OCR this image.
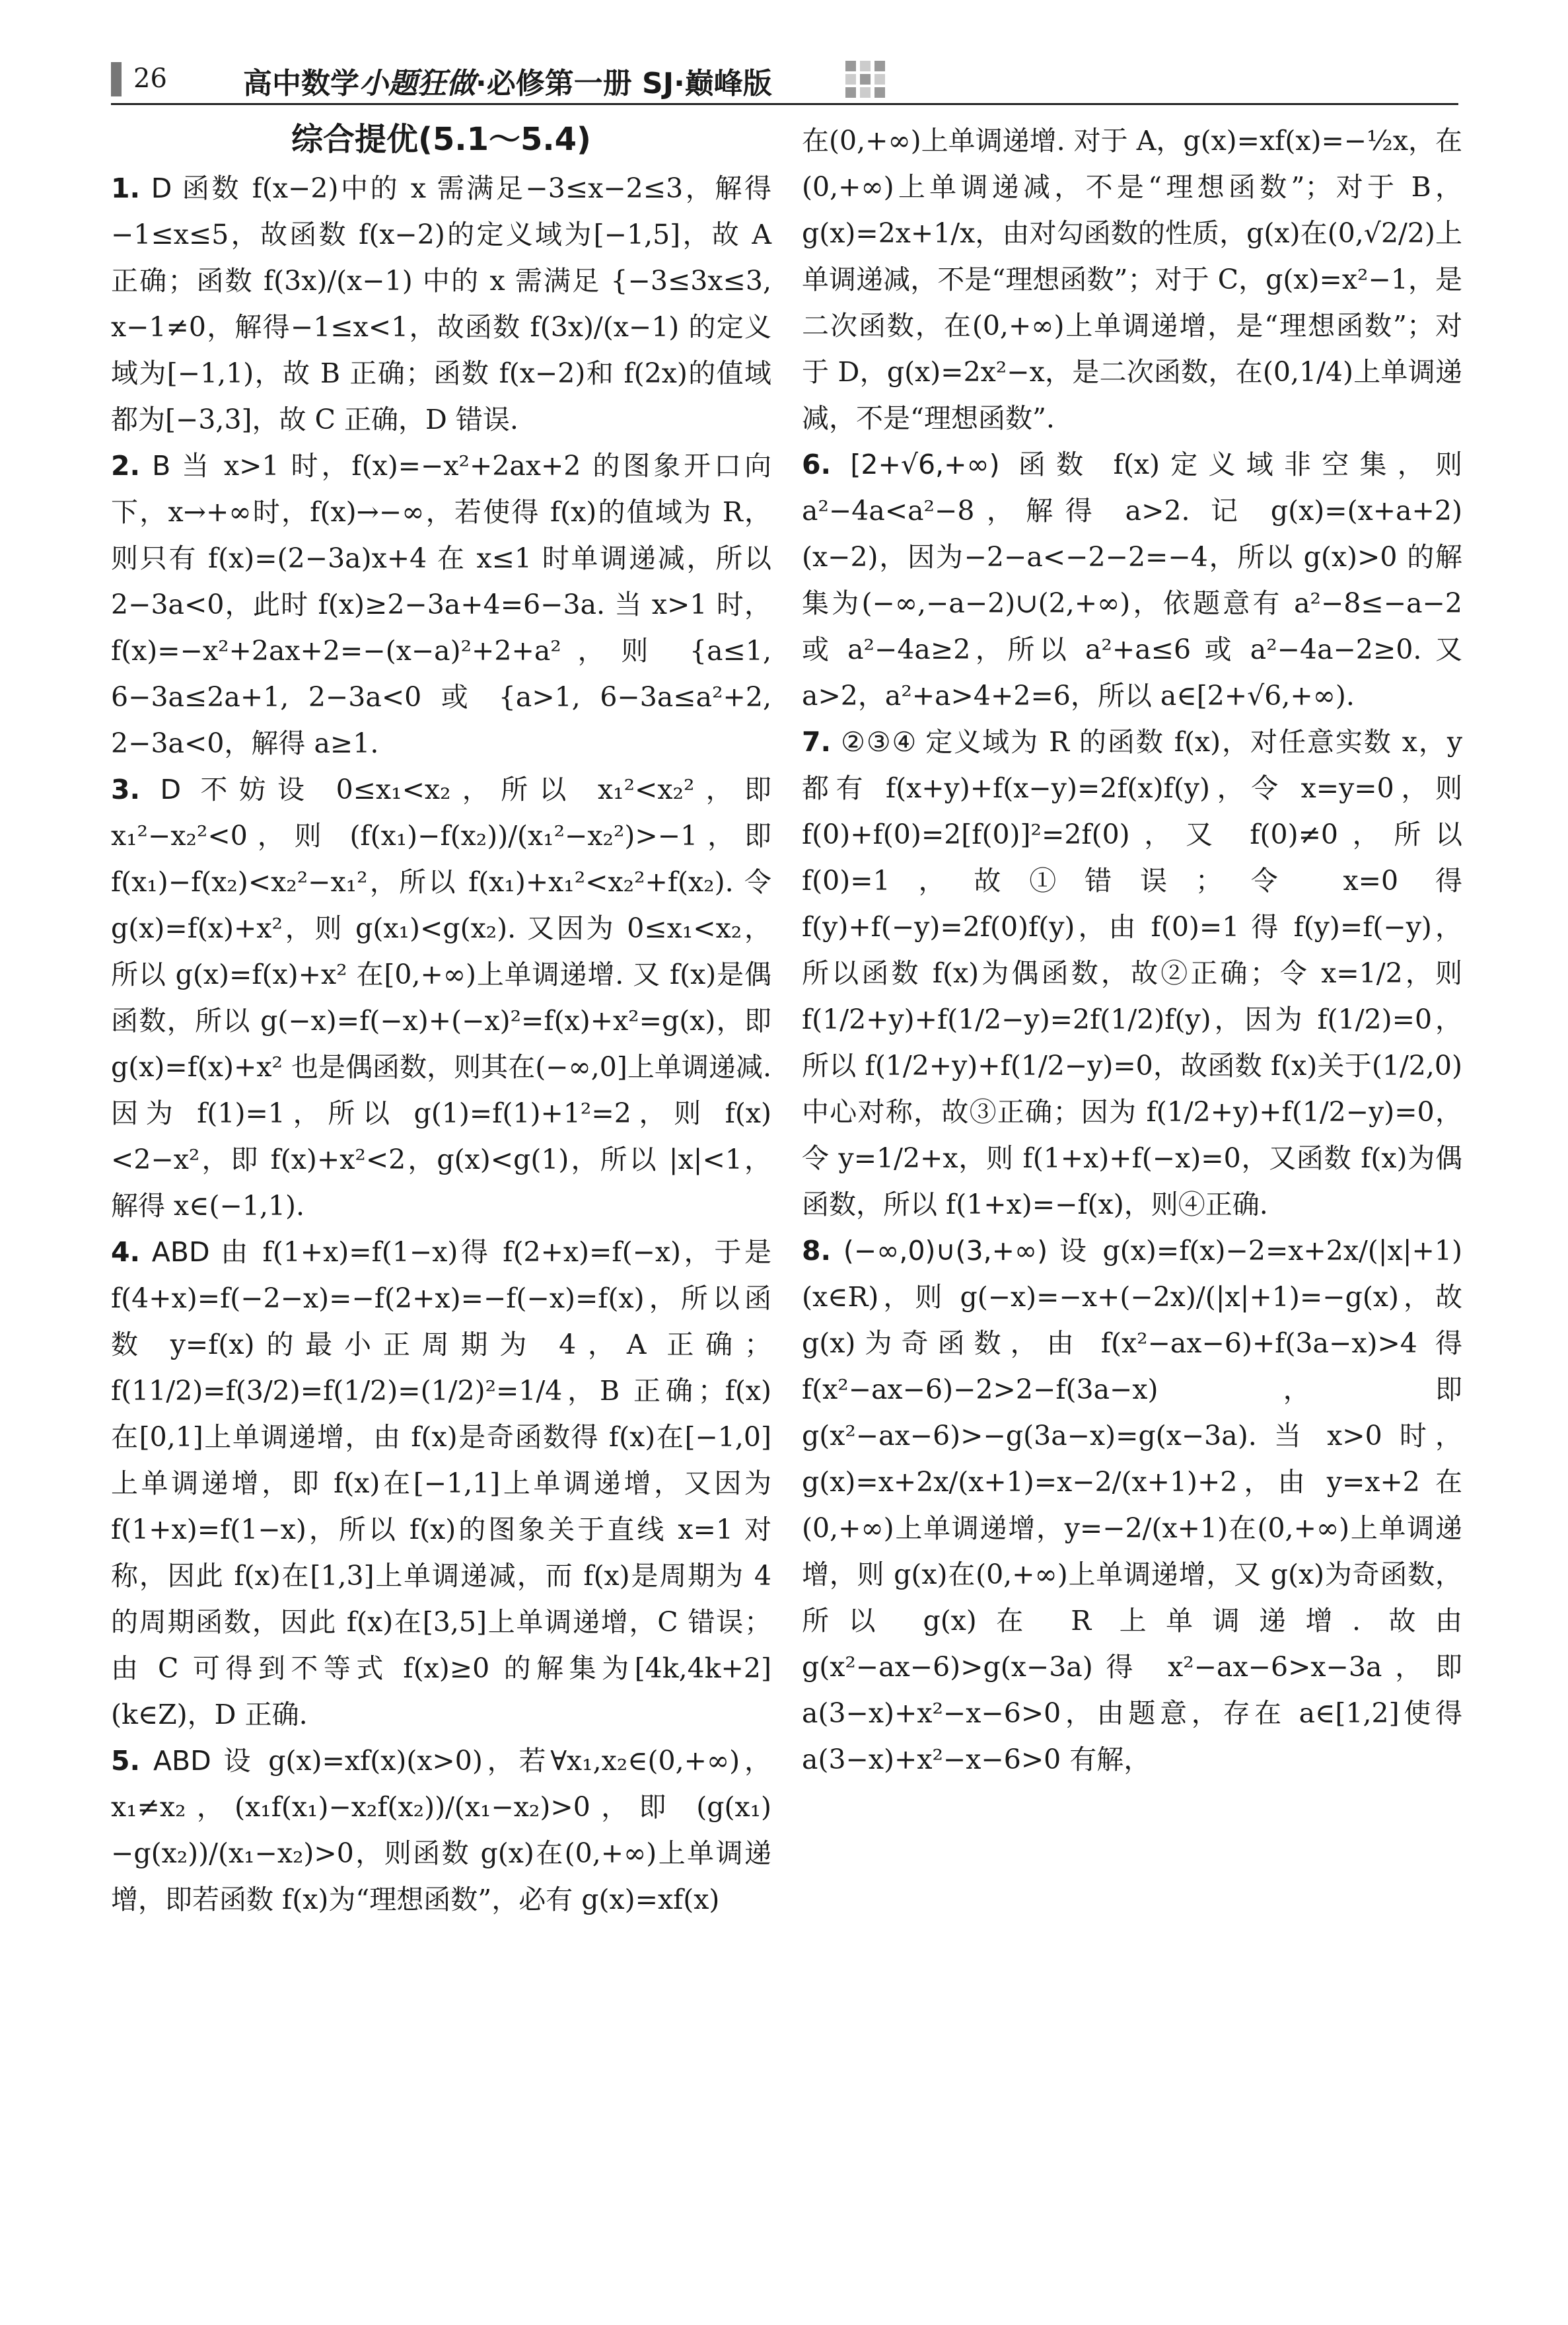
26	高中数学小题狂做·必修第一册 SJ·巅峰版
综合提优(5.1～5.4)

1. D 函数 f(x−2)中的 x 需满足−3≤x−2≤3，解得−1≤x≤5，故函数 f(x−2)的定义域为[−1,5]，故 A 正确；函数 f(3x)/(x−1) 中的 x 需满足 {−3≤3x≤3, x−1≠0，解得−1≤x<1，故函数 f(3x)/(x−1) 的定义域为[−1,1)，故 B 正确；函数 f(x−2)和 f(2x)的值域都为[−3,3]，故 C 正确，D 错误.

2. B 当 x>1 时，f(x)=−x²+2ax+2 的图象开口向下，x→+∞时，f(x)→−∞，若使得 f(x)的值域为 R，则只有 f(x)=(2−3a)x+4 在 x≤1 时单调递减，所以 2−3a<0，此时 f(x)≥2−3a+4=6−3a. 当 x>1 时，f(x)=−x²+2ax+2=−(x−a)²+2+a²，则 {a≤1, 6−3a≤2a+1, 2−3a<0 或 {a>1, 6−3a≤a²+2, 2−3a<0，解得 a≥1.

3. D 不妨设 0≤x₁<x₂，所以 x₁²<x₂²，即 x₁²−x₂²<0，则 (f(x₁)−f(x₂))/(x₁²−x₂²)>−1，即 f(x₁)−f(x₂)<x₂²−x₁²，所以 f(x₁)+x₁²<x₂²+f(x₂). 令 g(x)=f(x)+x²，则 g(x₁)<g(x₂). 又因为 0≤x₁<x₂，所以 g(x)=f(x)+x² 在[0,+∞)上单调递增. 又 f(x)是偶函数，所以 g(−x)=f(−x)+(−x)²=f(x)+x²=g(x)，即 g(x)=f(x)+x² 也是偶函数，则其在(−∞,0]上单调递减. 因为 f(1)=1，所以 g(1)=f(1)+1²=2，则 f(x)<2−x²，即 f(x)+x²<2，g(x)<g(1)，所以 |x|<1，解得 x∈(−1,1).

4. ABD 由 f(1+x)=f(1−x)得 f(2+x)=f(−x)，于是 f(4+x)=f(−2−x)=−f(2+x)=−f(−x)=f(x)，所以函数 y=f(x)的最小正周期为 4，A 正确；f(11/2)=f(3/2)=f(1/2)=(1/2)²=1/4，B 正确；f(x)在[0,1]上单调递增，由 f(x)是奇函数得 f(x)在[−1,0]上单调递增，即 f(x)在[−1,1]上单调递增，又因为 f(1+x)=f(1−x)，所以 f(x)的图象关于直线 x=1 对称，因此 f(x)在[1,3]上单调递减，而 f(x)是周期为 4 的周期函数，因此 f(x)在[3,5]上单调递增，C 错误；由 C 可得到不等式 f(x)≥0 的解集为[4k,4k+2](k∈Z)，D 正确.

5. ABD 设 g(x)=xf(x)(x>0)，若∀x₁,x₂∈(0,+∞)，x₁≠x₂，(x₁f(x₁)−x₂f(x₂))/(x₁−x₂)>0，即 (g(x₁)−g(x₂))/(x₁−x₂)>0，则函数 g(x)在(0,+∞)上单调递增，即若函数 f(x)为“理想函数”，必有 g(x)=xf(x)

在(0,+∞)上单调递增. 对于 A，g(x)=xf(x)=−½x，在(0,+∞)上单调递减，不是“理想函数”；对于 B，g(x)=2x+1/x，由对勾函数的性质，g(x)在(0,√2/2)上单调递减，不是“理想函数”；对于 C，g(x)=x²−1，是二次函数，在(0,+∞)上单调递增，是“理想函数”；对于 D，g(x)=2x²−x，是二次函数，在(0,1/4)上单调递减，不是“理想函数”.

6. [2+√6,+∞) 函数 f(x)定义域非空集，则 a²−4a<a²−8，解得 a>2. 记 g(x)=(x+a+2)(x−2)，因为−2−a<−2−2=−4，所以 g(x)>0 的解集为(−∞,−a−2)∪(2,+∞)，依题意有 a²−8≤−a−2 或 a²−4a≥2，所以 a²+a≤6 或 a²−4a−2≥0. 又 a>2，a²+a>4+2=6，所以 a∈[2+√6,+∞).

7. ②③④ 定义域为 R 的函数 f(x)，对任意实数 x，y 都有 f(x+y)+f(x−y)=2f(x)f(y)，令 x=y=0，则 f(0)+f(0)=2[f(0)]²=2f(0)，又 f(0)≠0，所以 f(0)=1，故①错误；令 x=0 得 f(y)+f(−y)=2f(0)f(y)，由 f(0)=1 得 f(y)=f(−y)，所以函数 f(x)为偶函数，故②正确；令 x=1/2，则 f(1/2+y)+f(1/2−y)=2f(1/2)f(y)，因为 f(1/2)=0，所以 f(1/2+y)+f(1/2−y)=0，故函数 f(x)关于(1/2,0)中心对称，故③正确；因为 f(1/2+y)+f(1/2−y)=0，令 y=1/2+x，则 f(1+x)+f(−x)=0，又函数 f(x)为偶函数，所以 f(1+x)=−f(x)，则④正确.

8. (−∞,0)∪(3,+∞) 设 g(x)=f(x)−2=x+2x/(|x|+1)(x∈R)，则 g(−x)=−x+(−2x)/(|x|+1)=−g(x)，故 g(x)为奇函数，由 f(x²−ax−6)+f(3a−x)>4 得 f(x²−ax−6)−2>2−f(3a−x)，即 g(x²−ax−6)>−g(3a−x)=g(x−3a). 当 x>0 时，g(x)=x+2x/(x+1)=x−2/(x+1)+2，由 y=x+2 在(0,+∞)上单调递增，y=−2/(x+1)在(0,+∞)上单调递增，则 g(x)在(0,+∞)上单调递增，又 g(x)为奇函数，所以 g(x)在 R 上单调递增. 故由 g(x²−ax−6)>g(x−3a)得 x²−ax−6>x−3a，即 a(3−x)+x²−x−6>0，由题意，存在 a∈[1,2]使得 a(3−x)+x²−x−6>0 有解，
